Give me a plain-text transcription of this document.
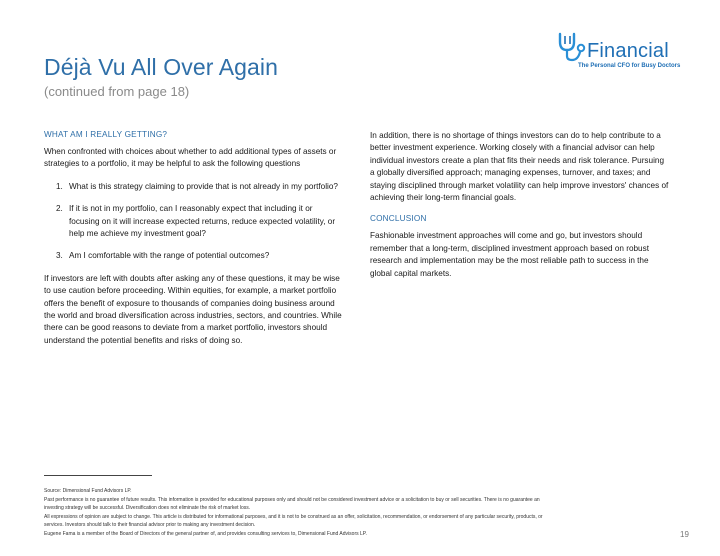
Déjà Vu All Over Again
(continued from page 18)
Financial
The Personal CFO for Busy Doctors
WHAT AM I REALLY GETTING?

When confronted with choices about whether to add additional types of assets or strategies to a portfolio, it may be helpful to ask the following questions

1. What is this strategy claiming to provide that is not already in my portfolio?
2. If it is not in my portfolio, can I reasonably expect that including it or focusing on it will increase expected returns, reduce expected volatility, or help me achieve my investment goal?
3. Am I comfortable with the range of potential outcomes?

If investors are left with doubts after asking any of these questions, it may be wise to use caution before proceeding. Within equities, for example, a market portfolio offers the benefit of exposure to thousands of companies doing business around the world and broad diversification across industries, sectors, and countries. While there can be good reasons to deviate from a market portfolio, investors should understand the potential benefits and risks of doing so.

In addition, there is no shortage of things investors can do to help contribute to a better investment experience. Working closely with a financial advisor can help individual investors create a plan that fits their needs and risk tolerance. Pursuing a globally diversified approach; managing expenses, turnover, and taxes; and staying disciplined through market volatility can help improve investors' chances of achieving their long-term financial goals.

CONCLUSION

Fashionable investment approaches will come and go, but investors should remember that a long-term, disciplined investment approach based on robust research and implementation may be the most reliable path to success in the global capital markets.

Source: Dimensional Fund Advisors LP.
Past performance is no guarantee of future results. This information is provided for educational purposes only and should not be considered investment advice or a solicitation to buy or sell securities. There is no guarantee an
investing strategy will be successful. Diversification does not eliminate the risk of market loss.
All expressions of opinion are subject to change. This article is distributed for informational purposes, and it is not to be construed as an offer, solicitation, recommendation, or endorsement of any particular security, products, or
services. Investors should talk to their financial advisor prior to making any investment decision.
Eugene Fama is a member of the Board of Directors of the general partner of, and provides consulting services to, Dimensional Fund Advisors LP.	19
